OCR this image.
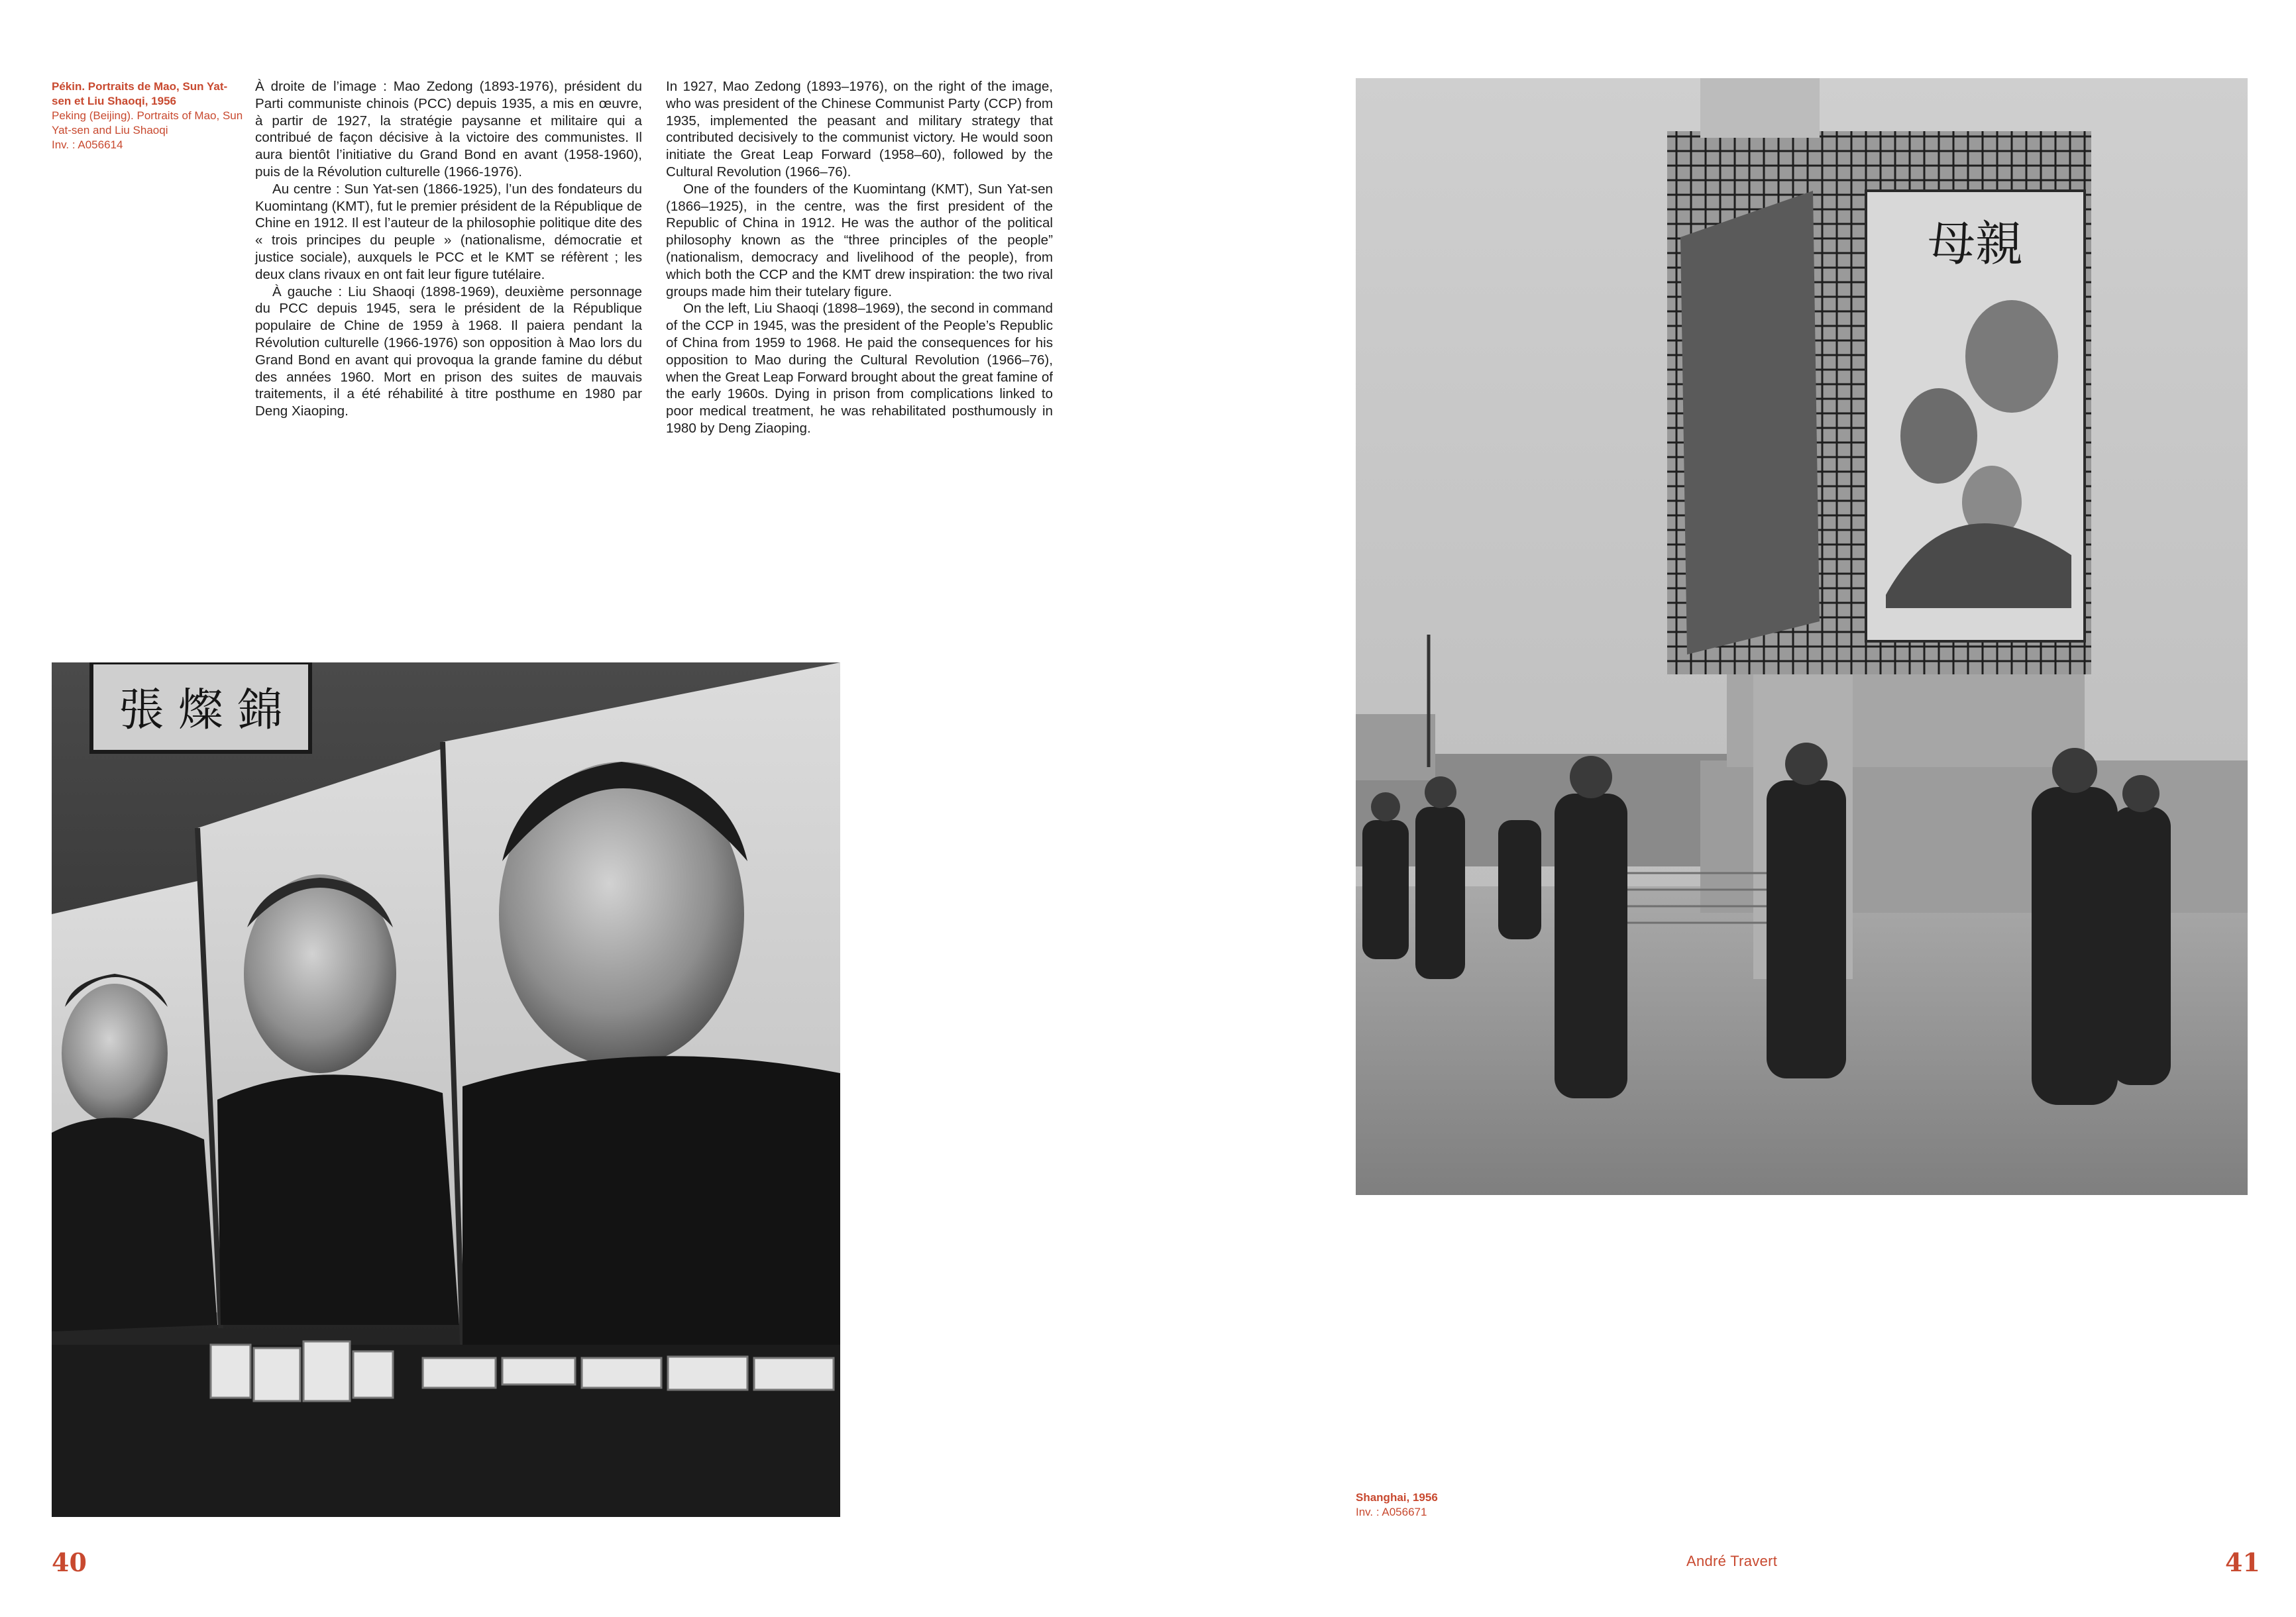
Pékin. Portraits de Mao, Sun Yat-sen et Liu Shaoqi, 1956
Peking (Beijing). Portraits of Mao, Sun Yat-sen and Liu Shaoqi
Inv. : A056614

À droite de l’image : Mao Zedong (1893-1976), président du Parti communiste chinois (PCC) depuis 1935, a mis en œuvre, à partir de 1927, la stratégie paysanne et militaire qui a contribué de façon décisive à la victoire des communistes. Il aura bientôt l’initiative du Grand Bond en avant (1958-1960), puis de la Révolution culturelle (1966-1976).

Au centre : Sun Yat-sen (1866-1925), l’un des fondateurs du Kuomintang (KMT), fut le premier président de la République de Chine en 1912. Il est l’auteur de la philosophie politique dite des « trois principes du peuple » (nationalisme, démocratie et justice sociale), auxquels le PCC et le KMT se réfèrent ; les deux clans rivaux en ont fait leur figure tutélaire.

À gauche : Liu Shaoqi (1898-1969), deuxième personnage du PCC depuis 1945, sera le président de la République populaire de Chine de 1959 à 1968. Il paiera pendant la Révolution culturelle (1966-1976) son opposition à Mao lors du Grand Bond en avant qui provoqua la grande famine du début des années 1960. Mort en prison des suites de mauvais traitements, il a été réhabilité à titre posthume en 1980 par Deng Xiaoping.

In 1927, Mao Zedong (1893–1976), on the right of the image, who was president of the Chinese Communist Party (CCP) from 1935, implemented the peasant and military strategy that contributed decisively to the communist victory. He would soon initiate the Great Leap Forward (1958–60), followed by the Cultural Revolution (1966–76).

One of the founders of the Kuomintang (KMT), Sun Yat-sen (1866–1925), in the centre, was the first president of the Republic of China in 1912. He was the author of the political philosophy known as the “three principles of the people” (nationalism, democracy and livelihood of the people), from which both the CCP and the KMT drew inspiration: the two rival groups made him their tutelary figure.

On the left, Liu Shaoqi (1898–1969), the second in command of the CCP in 1945, was the president of the People’s Republic of China from 1959 to 1968. He paid the consequences for his opposition to Mao during the Cultural Revolution (1966–76), when the Great Leap Forward brought about the great famine of the early 1960s. Dying in prison from complications linked to poor medical treatment, he was rehabilitated posthumously in 1980 by Deng Ziaoping.

張 燦 錦
40
母親
Shanghai, 1956
Inv. : A056671
André Travert	41
